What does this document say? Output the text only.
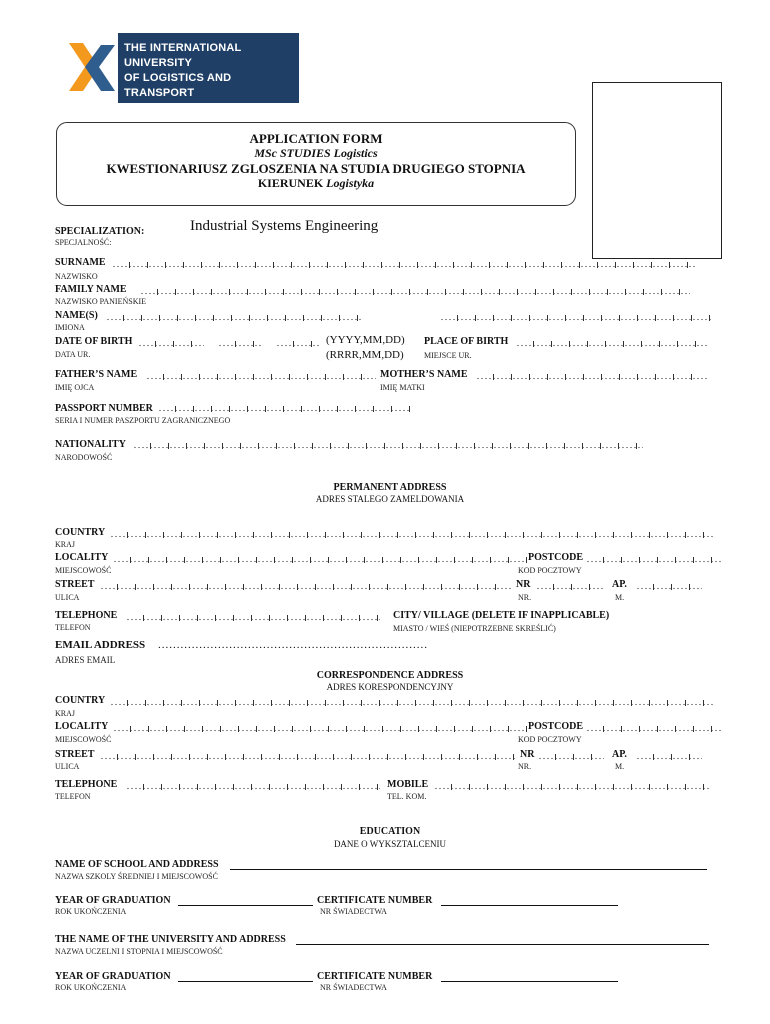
THE INTERNATIONAL UNIVERSITY
OF LOGISTICS AND TRANSPORT
IN WROCLAW
APPLICATION FORM
MSc STUDIES Logistics
KWESTIONARIUSZ ZGLOSZENIA NA STUDIA DRUGIEGO STOPNIA
KIERUNEK Logistyka
SPECIALIZATION:
SPECJALNOŚĆ:
Industrial Systems Engineering
SURNAME
NAZWISKO
FAMILY NAME
NAZWISKO PANIEŃSKIE
NAME(S)
IMIONA
DATE OF BIRTH	(YYYY,MM,DD)
(RRRR,MM,DD)
DATA UR.
PLACE OF BIRTH
MIEJSCE UR.
FATHER’S NAME
IMIĘ OJCA
MOTHER’S NAME
IMIĘ MATKI
PASSPORT NUMBER
SERIA I NUMER PASZPORTU ZAGRANICZNEGO
NATIONALITY
NARODOWOŚĆ
PERMANENT ADDRESS
ADRES STALEGO ZAMELDOWANIA
COUNTRY
KRAJ
LOCALITY	POSTCODE
MIEJSCOWOŚĆ	KOD POCZTOWY
STREET	NR	AP.
ULICA	NR.	M.
TELEPHONE
TELEFON
CITY/ VILLAGE (DELETE IF INAPPLICABLE)
MIASTO / WIEŚ (NIEPOTRZEBNE SKREŚLIĆ)
EMAIL ADDRESS ........................................................................
ADRES EMAIL
CORRESPONDENCE ADDRESS
ADRES KORESPONDENCYJNY
COUNTRY
KRAJ
LOCALITY	POSTCODE
MIEJSCOWOŚĆ	KOD POCZTOWY
STREET	NR	AP.
ULICA	NR.	M.
TELEPHONE
TELEFON
MOBILE
TEL. KOM.
EDUCATION
DANE O WYKSZTALCENIU
NAME OF SCHOOL AND ADDRESS
NAZWA SZKOLY ŚREDNIEJ I MIEJSCOWOŚĆ
YEAR OF GRADUATION
ROK UKOŃCZENIA
CERTIFICATE NUMBER
NR ŚWIADECTWA
THE NAME OF THE UNIVERSITY AND ADDRESS
NAZWA UCZELNI I STOPNIA I MIEJSCOWOŚĆ
YEAR OF GRADUATION
ROK UKOŃCZENIA
CERTIFICATE NUMBER
NR ŚWIADECTWA
